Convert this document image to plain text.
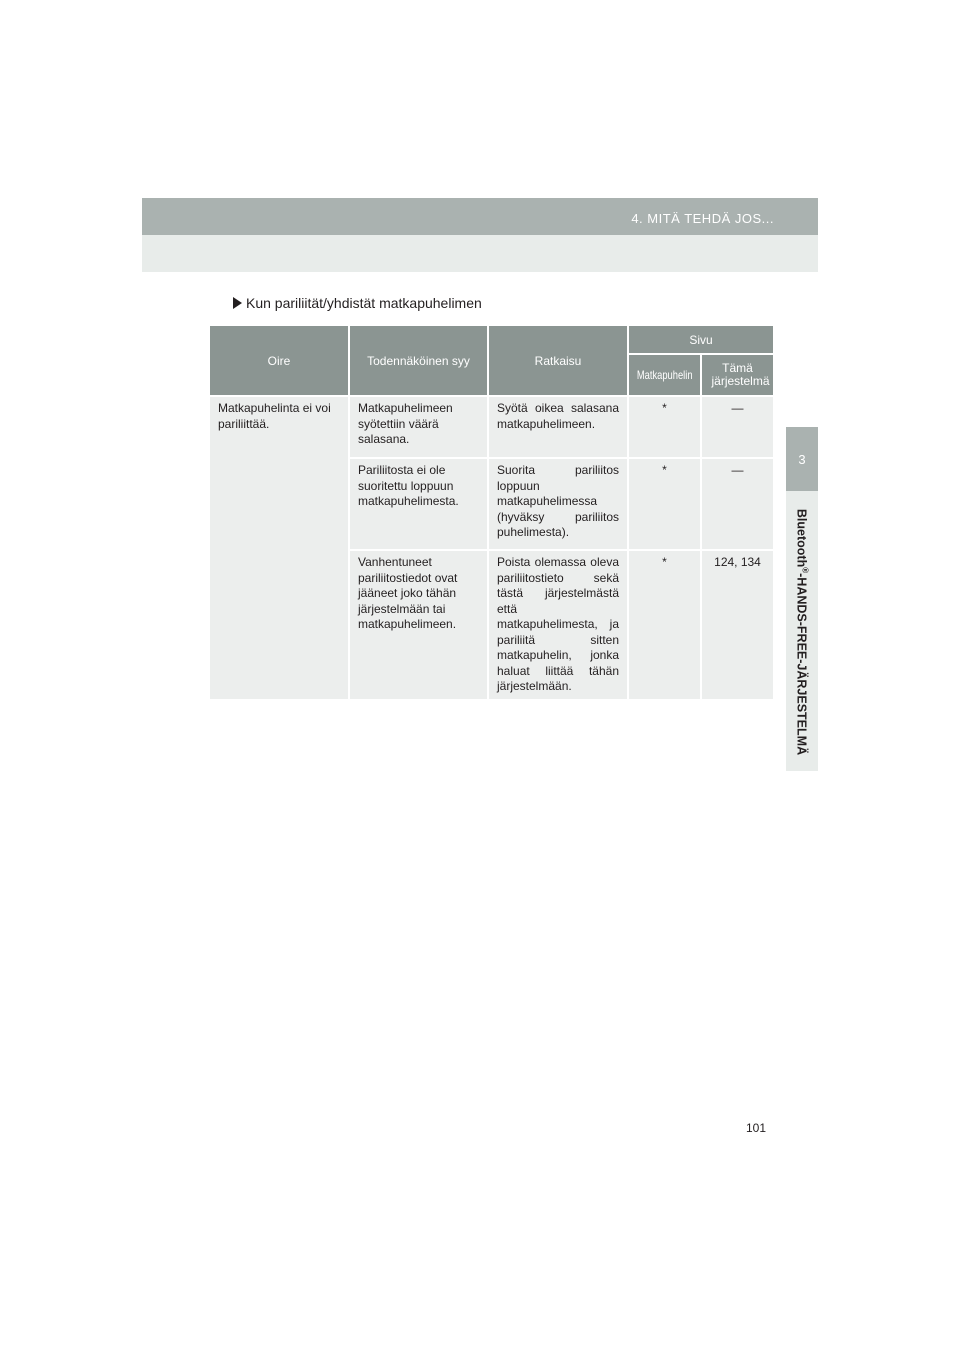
4. MITÄ TEHDÄ JOS...
3
Bluetooth®-HANDS-FREE-JÄRJESTELMÄ
Kun pariliität/yhdistät matkapuhelimen
Oire	Todennäköinen syy	Ratkaisu	Sivu	
			Matkapuhelin	Tämä järjestelmä
Matkapuhelinta ei voi pariliittää.	Matkapuhelimeen syötettiin väärä salasana.	Syötä oikea salasana matkapuhelimeen.	*	—
	Pariliitosta ei ole suoritettu loppuun matkapuhelimesta.	Suorita pariliitos loppuun matkapuhelimessa (hyväksy pariliitos puhelimesta).	*	—
	Vanhentuneet pariliitostiedot ovat jääneet joko tähän järjestelmään tai matkapuhelimeen.	Poista olemassa oleva pariliitostieto sekä tästä järjestelmästä että matkapuhelimesta, ja pariliitä sitten matkapuhelin, jonka haluat liittää tähän järjestelmään.	*	124, 134
101
